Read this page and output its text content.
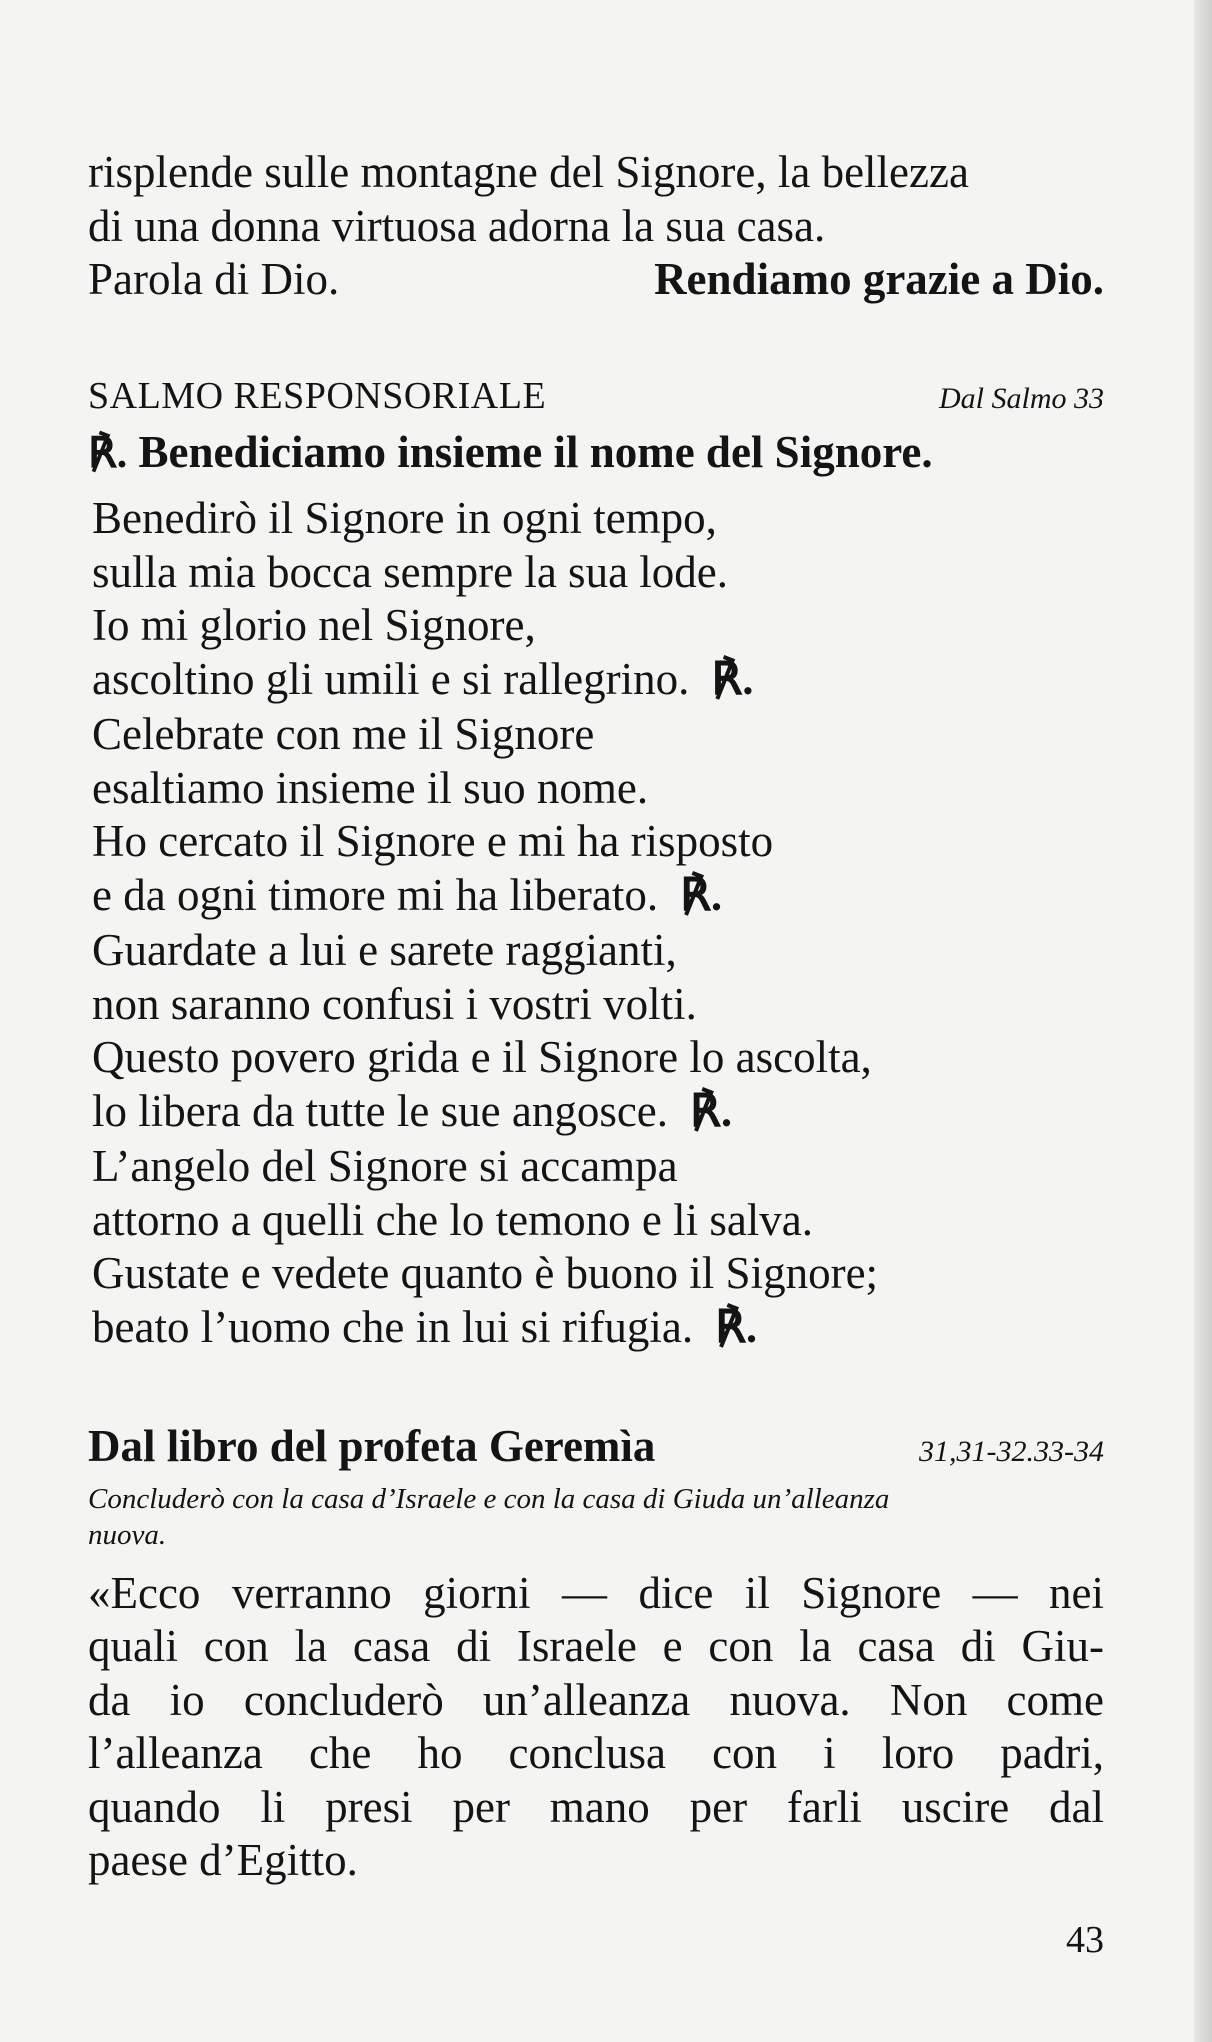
risplende sulle montagne del Signore, la bellezza
di una donna virtuosa adorna la sua casa.
Parola di Dio.	Rendiamo grazie a Dio.
SALMO RESPONSORIALE	Dal Salmo 33
℟. Benediciamo insieme il nome del Signore.
Benedirò il Signore in ogni tempo,
sulla mia bocca sempre la sua lode.
Io mi glorio nel Signore,
ascoltino gli umili e si rallegrino. ℟.
Celebrate con me il Signore
esaltiamo insieme il suo nome.
Ho cercato il Signore e mi ha risposto
e da ogni timore mi ha liberato. ℟.
Guardate a lui e sarete raggianti,
non saranno confusi i vostri volti.
Questo povero grida e il Signore lo ascolta,
lo libera da tutte le sue angosce. ℟.
L’angelo del Signore si accampa
attorno a quelli che lo temono e li salva.
Gustate e vedete quanto è buono il Signore;
beato l’uomo che in lui si rifugia. ℟.
Dal libro del profeta Geremìa	31,31-32.33-34
Concluderò con la casa d’Israele e con la casa di Giuda un’alleanza
nuova.
«Ecco verranno giorni — dice il Signore — nei
quali con la casa di Israele e con la casa di Giu-
da io concluderò un’alleanza nuova. Non come
l’alleanza che ho conclusa con i loro padri,
quando li presi per mano per farli uscire dal
paese d’Egitto.
43
